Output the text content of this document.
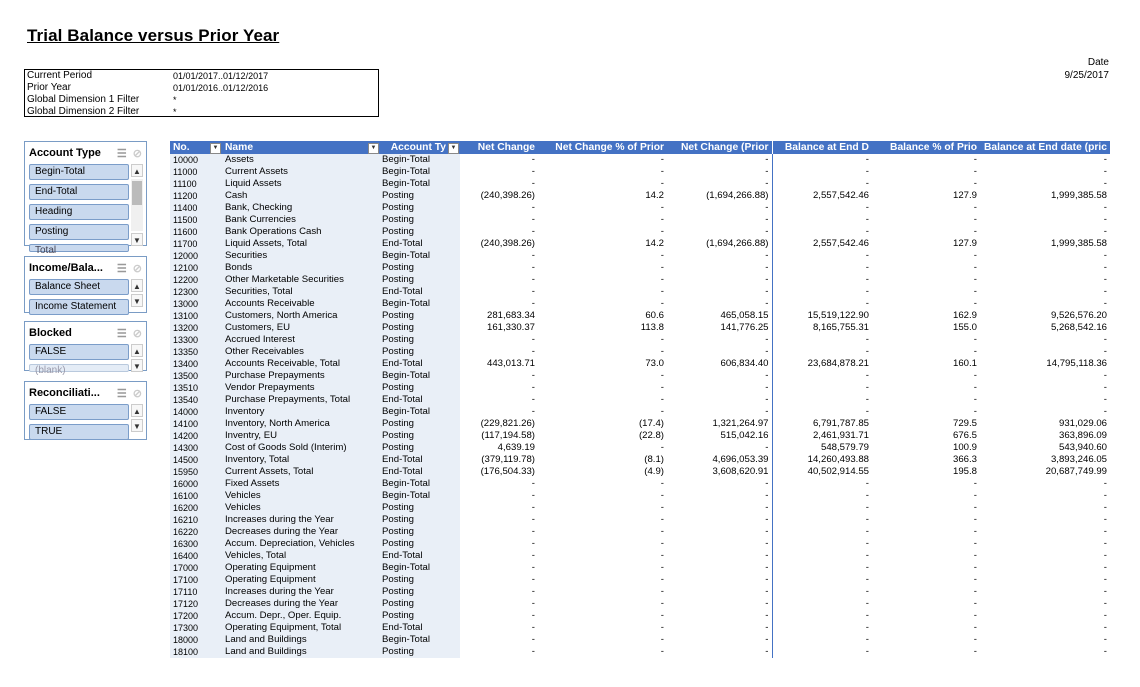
Trial Balance versus Prior Year
Date
9/25/2017
Current Period	01/01/2017..01/12/2017
Prior Year	01/01/2016..01/12/2016
Global Dimension 1 Filter	*
Global Dimension 2 Filter	*
Account Type	☰ ⊘
Begin-Total
End-Total
Heading
Posting
Total
▲
▼
Income/Bala...	☰ ⊘
Balance Sheet
Income Statement
▲
▼
Blocked	☰ ⊘
FALSE
(blank)
▲
▼
Reconciliati...	☰ ⊘
FALSE
TRUE
▲
▼
No. ▼	Name ▼	Account Ty ▼	Net Change	Net Change % of Prior	Net Change (Prior	Balance at End D	Balance % of Prio	Balance at End date (pric
10000	Assets	Begin-Total	-	-	-	-	-	-
11000	Current Assets	Begin-Total	-	-	-	-	-	-
11100	Liquid Assets	Begin-Total	-	-	-	-	-	-
11200	Cash	Posting	(240,398.26)	14.2	(1,694,266.88)	2,557,542.46	127.9	1,999,385.58
11400	Bank, Checking	Posting	-	-	-	-	-	-
11500	Bank Currencies	Posting	-	-	-	-	-	-
11600	Bank Operations Cash	Posting	-	-	-	-	-	-
11700	Liquid Assets, Total	End-Total	(240,398.26)	14.2	(1,694,266.88)	2,557,542.46	127.9	1,999,385.58
12000	Securities	Begin-Total	-	-	-	-	-	-
12100	Bonds	Posting	-	-	-	-	-	-
12200	Other Marketable Securities	Posting	-	-	-	-	-	-
12300	Securities, Total	End-Total	-	-	-	-	-	-
13000	Accounts Receivable	Begin-Total	-	-	-	-	-	-
13100	Customers, North America	Posting	281,683.34	60.6	465,058.15	15,519,122.90	162.9	9,526,576.20
13200	Customers, EU	Posting	161,330.37	113.8	141,776.25	8,165,755.31	155.0	5,268,542.16
13300	Accrued Interest	Posting	-	-	-	-	-	-
13350	Other Receivables	Posting	-	-	-	-	-	-
13400	Accounts Receivable, Total	End-Total	443,013.71	73.0	606,834.40	23,684,878.21	160.1	14,795,118.36
13500	Purchase Prepayments	Begin-Total	-	-	-	-	-	-
13510	Vendor Prepayments	Posting	-	-	-	-	-	-
13540	Purchase Prepayments, Total	End-Total	-	-	-	-	-	-
14000	Inventory	Begin-Total	-	-	-	-	-	-
14100	Inventory, North America	Posting	(229,821.26)	(17.4)	1,321,264.97	6,791,787.85	729.5	931,029.06
14200	Inventry, EU	Posting	(117,194.58)	(22.8)	515,042.16	2,461,931.71	676.5	363,896.09
14300	Cost of Goods Sold (Interim)	Posting	4,639.19	-	-	548,579.79	100.9	543,940.60
14500	Inventory, Total	End-Total	(379,119.78)	(8.1)	4,696,053.39	14,260,493.88	366.3	3,893,246.05
15950	Current Assets, Total	End-Total	(176,504.33)	(4.9)	3,608,620.91	40,502,914.55	195.8	20,687,749.99
16000	Fixed Assets	Begin-Total	-	-	-	-	-	-
16100	Vehicles	Begin-Total	-	-	-	-	-	-
16200	Vehicles	Posting	-	-	-	-	-	-
16210	Increases during the Year	Posting	-	-	-	-	-	-
16220	Decreases during the Year	Posting	-	-	-	-	-	-
16300	Accum. Depreciation, Vehicles	Posting	-	-	-	-	-	-
16400	Vehicles, Total	End-Total	-	-	-	-	-	-
17000	Operating Equipment	Begin-Total	-	-	-	-	-	-
17100	Operating Equipment	Posting	-	-	-	-	-	-
17110	Increases during the Year	Posting	-	-	-	-	-	-
17120	Decreases during the Year	Posting	-	-	-	-	-	-
17200	Accum. Depr., Oper. Equip.	Posting	-	-	-	-	-	-
17300	Operating Equipment, Total	End-Total	-	-	-	-	-	-
18000	Land and Buildings	Begin-Total	-	-	-	-	-	-
18100	Land and Buildings	Posting	-	-	-	-	-	-
